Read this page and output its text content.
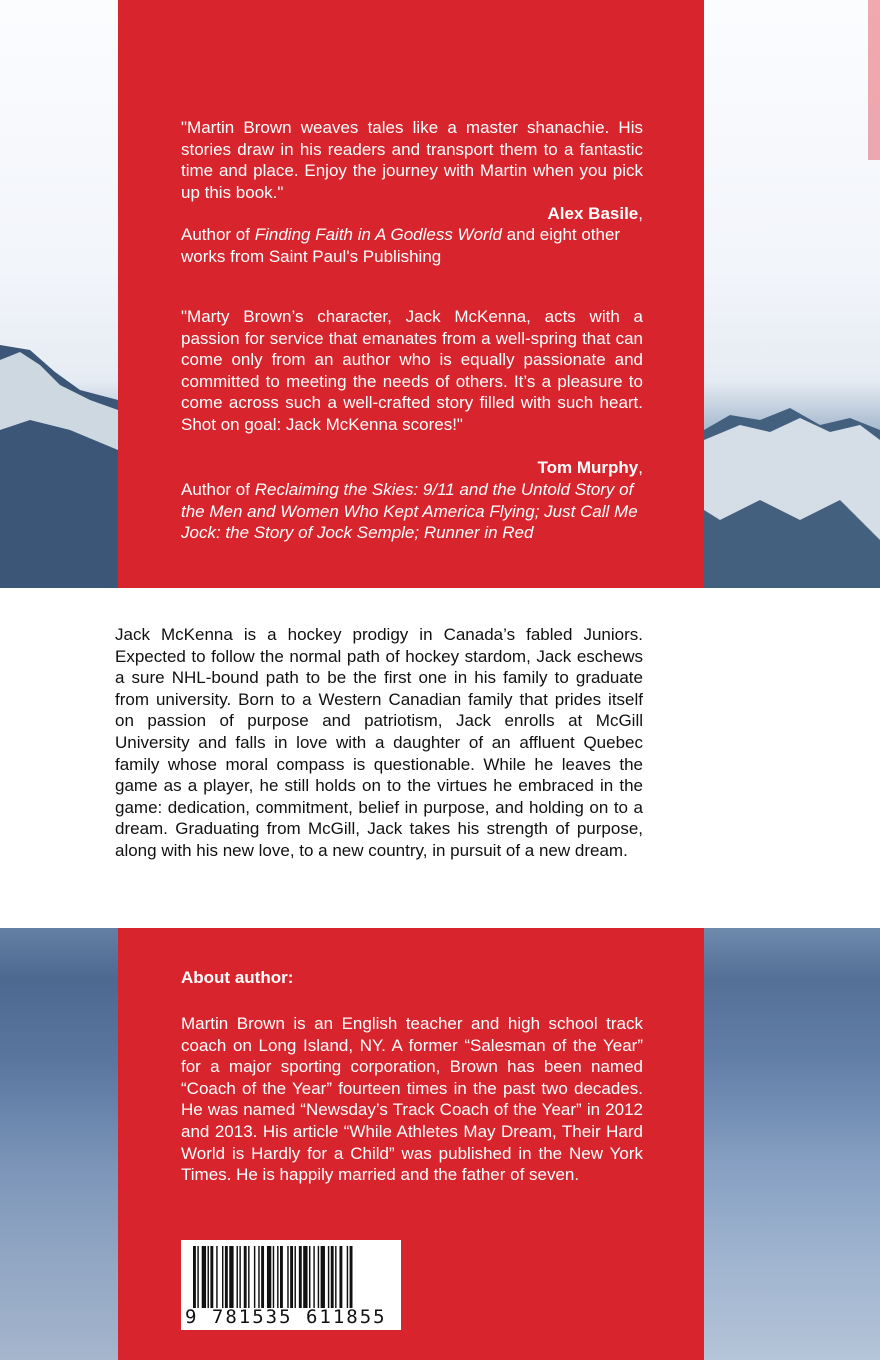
"Martin Brown weaves tales like a master shanachie. His stories draw in his readers and transport them to a fantastic time and place. Enjoy the journey with Martin when you pick up this book."

Alex Basile,

Author of Finding Faith in A Godless World and eight other works from Saint Paul's Publishing

"Marty Brown’s character, Jack McKenna, acts with a passion for service that emanates from a well-spring that can come only from an author who is equally passionate and committed to meeting the needs of others. It’s a pleasure to come across such a well-crafted story filled with such heart. Shot on goal: Jack McKenna scores!"

Tom Murphy,

Author of Reclaiming the Skies: 9/11 and the Untold Story of the Men and Women Who Kept America Flying; Just Call Me Jock: the Story of Jock Semple; Runner in Red

Jack McKenna is a hockey prodigy in Canada’s fabled Juniors. Expected to follow the normal path of hockey stardom, Jack eschews a sure NHL-bound path to be the first one in his family to graduate from university. Born to a Western Canadian family that prides itself on passion of purpose and patriotism, Jack enrolls at McGill University and falls in love with a daughter of an affluent Quebec family whose moral compass is questionable. While he leaves the game as a player, he still holds on to the virtues he embraced in the game: dedication, commitment, belief in purpose, and holding on to a dream. Graduating from McGill, Jack takes his strength of purpose, along with his new love, to a new country, in pursuit of a new dream.

About author:

Martin Brown is an English teacher and high school track coach on Long Island, NY. A former “Salesman of the Year” for a major sporting corporation, Brown has been named “Coach of the Year” fourteen times in the past two decades. He was named “Newsday’s Track Coach of the Year” in 2012 and 2013. His article “While Athletes May Dream, Their Hard World is Hardly for a Child” was published in the New York Times. He is happily married and the father of seven.

9 781535 611855
